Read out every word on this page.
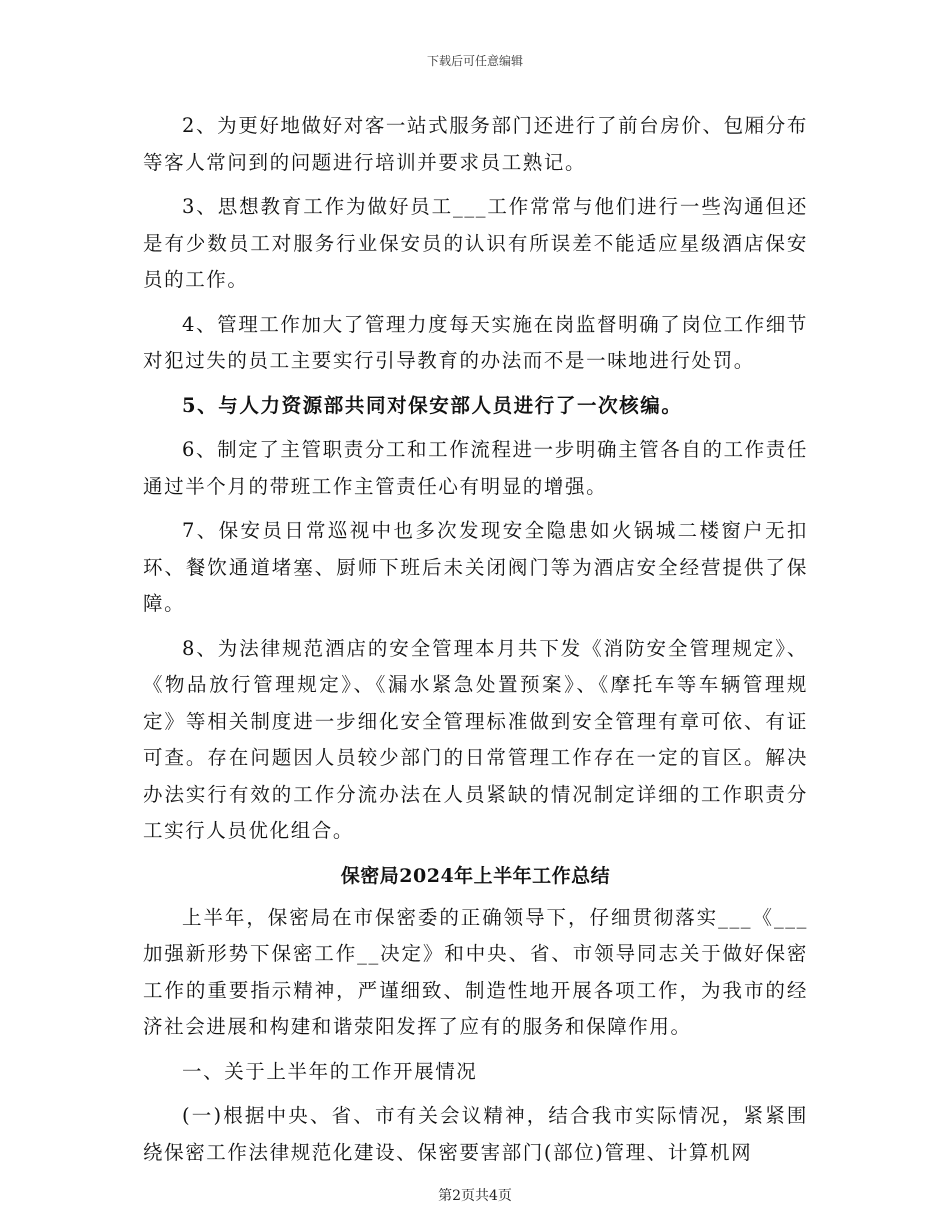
下载后可任意编辑

2、为更好地做好对客一站式服务部门还进行了前台房价、包厢分布等客人常问到的问题进行培训并要求员工熟记。

3、思想教育工作为做好员工___工作常常与他们进行一些沟通但还是有少数员工对服务行业保安员的认识有所误差不能适应星级酒店保安员的工作。

4、管理工作加大了管理力度每天实施在岗监督明确了岗位工作细节对犯过失的员工主要实行引导教育的办法而不是一味地进行处罚。

5、与人力资源部共同对保安部人员进行了一次核编。

6、制定了主管职责分工和工作流程进一步明确主管各自的工作责任通过半个月的带班工作主管责任心有明显的增强。

7、保安员日常巡视中也多次发现安全隐患如火锅城二楼窗户无扣环、餐饮通道堵塞、厨师下班后未关闭阀门等为酒店安全经营提供了保障。

8、为法律规范酒店的安全管理本月共下发《消防安全管理规定》、《物品放行管理规定》、《漏水紧急处置预案》、《摩托车等车辆管理规定》等相关制度进一步细化安全管理标准做到安全管理有章可依、有证可查。存在问题因人员较少部门的日常管理工作存在一定的盲区。解决办法实行有效的工作分流办法在人员紧缺的情况制定详细的工作职责分工实行人员优化组合。

保密局2024年上半年工作总结

上半年，保密局在市保密委的正确领导下，仔细贯彻落实___《___加强新形势下保密工作__决定》和中央、省、市领导同志关于做好保密工作的重要指示精神，严谨细致、制造性地开展各项工作，为我市的经济社会进展和构建和谐荥阳发挥了应有的服务和保障作用。

一、关于上半年的工作开展情况

(一)根据中央、省、市有关会议精神，结合我市实际情况，紧紧围绕保密工作法律规范化建设、保密要害部门(部位)管理、计算机网

第2页共4页
